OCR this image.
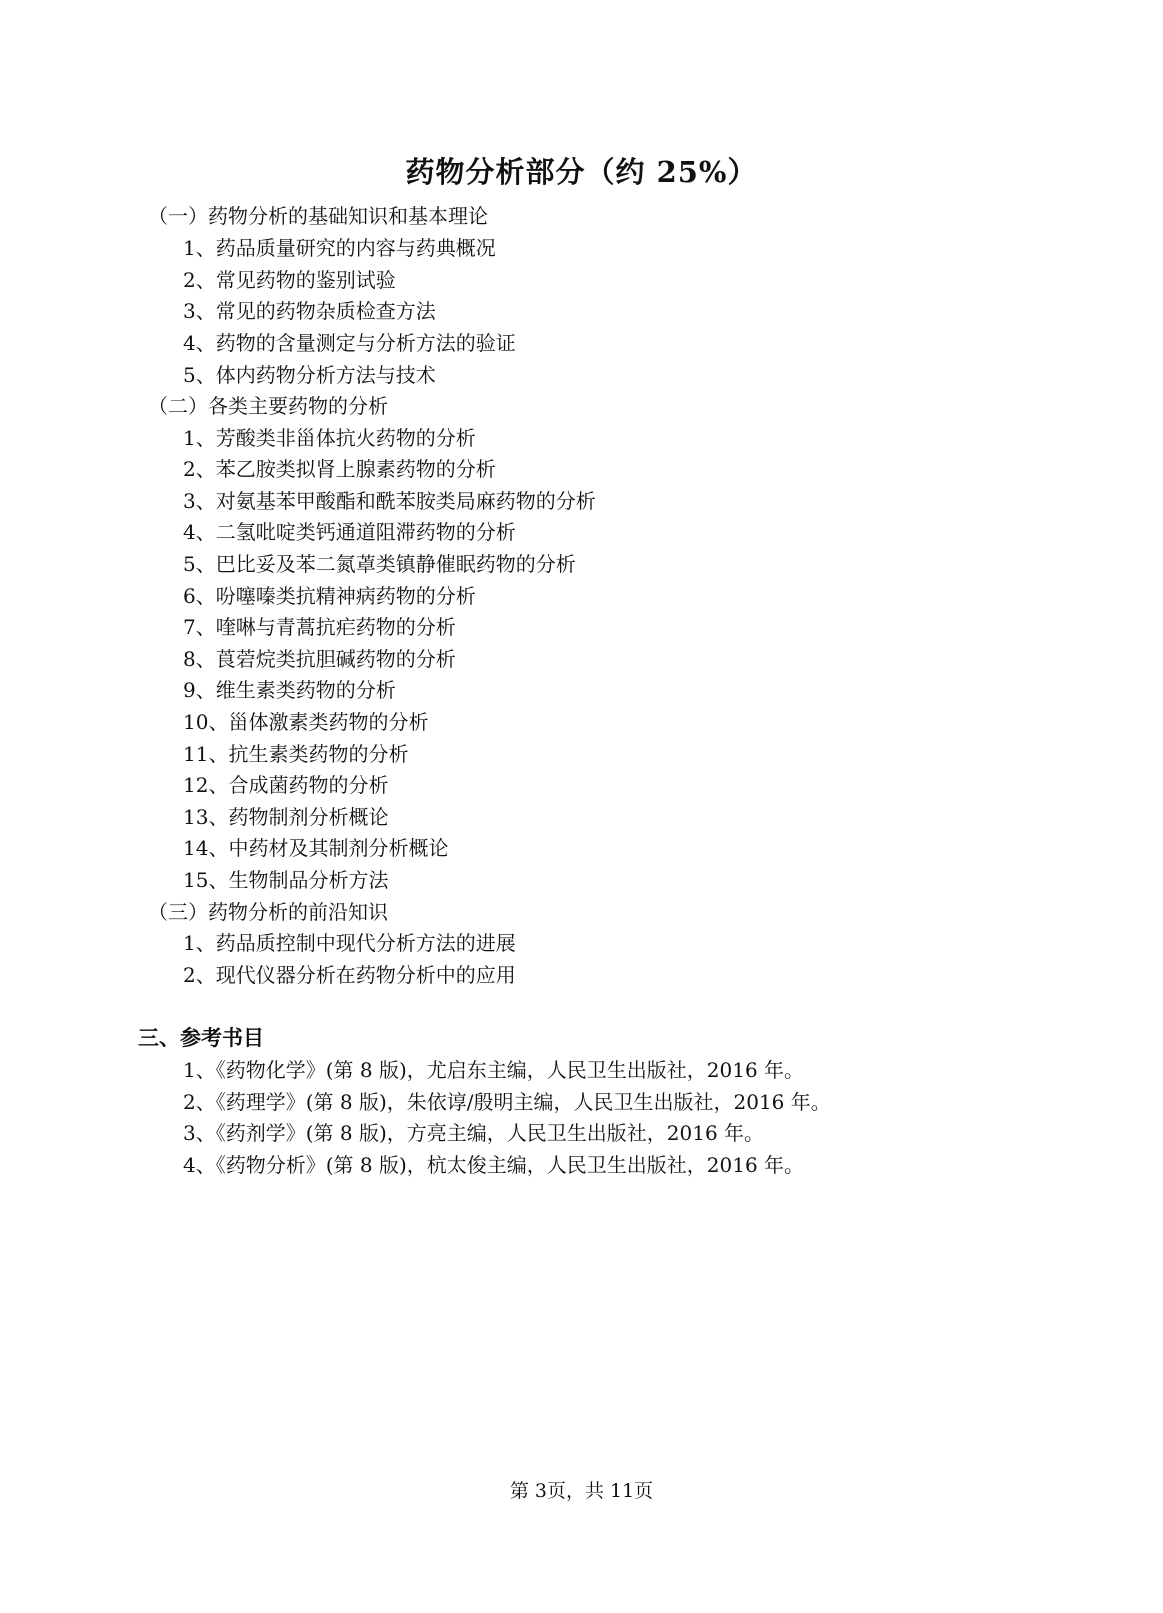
药物分析部分（约 25%）
（一）药物分析的基础知识和基本理论
1、药品质量研究的内容与药典概况
2、常见药物的鉴别试验
3、常见的药物杂质检查方法
4、药物的含量测定与分析方法的验证
5、体内药物分析方法与技术
（二）各类主要药物的分析
1、芳酸类非甾体抗火药物的分析
2、苯乙胺类拟肾上腺素药物的分析
3、对氨基苯甲酸酯和酰苯胺类局麻药物的分析
4、二氢吡啶类钙通道阻滞药物的分析
5、巴比妥及苯二氮䓬类镇静催眠药物的分析
6、吩噻嗪类抗精神病药物的分析
7、喹啉与青蒿抗疟药物的分析
8、莨菪烷类抗胆碱药物的分析
9、维生素类药物的分析
10、甾体激素类药物的分析
11、抗生素类药物的分析
12、合成菌药物的分析
13、药物制剂分析概论
14、中药材及其制剂分析概论
15、生物制品分析方法
（三）药物分析的前沿知识
1、药品质控制中现代分析方法的进展
2、现代仪器分析在药物分析中的应用
三、参考书目
1、《药物化学》(第 8 版)，尤启东主编，人民卫生出版社，2016 年。
2、《药理学》(第 8 版)，朱依谆/殷明主编，人民卫生出版社，2016 年。
3、《药剂学》(第 8 版)，方亮主编，人民卫生出版社，2016 年。
4、《药物分析》(第 8 版)，杭太俊主编，人民卫生出版社，2016 年。
第 3页，共 11页
